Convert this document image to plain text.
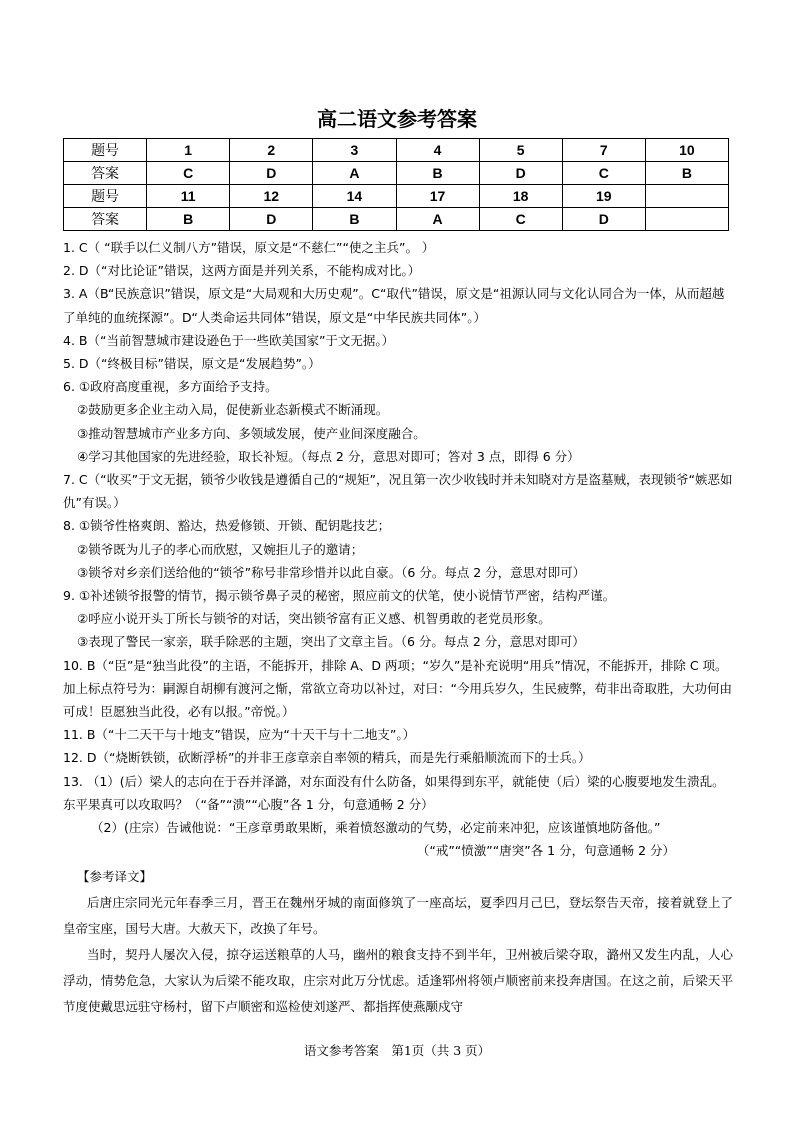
高二语文参考答案
题号	1	2	3	4	5	7	10
答案	C	D	A	B	D	C	B
题号	11	12	14	17	18	19	
答案	B	D	B	A	C	D	

1. C（ “联手以仁义制八方”错误，原文是“不慈仁”“使之主兵”。 ）

2. D（“对比论证”错误，这两方面是并列关系，不能构成对比。）

3. A（B“民族意识”错误，原文是“大局观和大历史观”。C“取代”错误，原文是“祖源认同与文化认同合为一体，从而超越了单纯的血统探源”。D“人类命运共同体”错误，原文是“中华民族共同体”。）

4. B（“当前智慧城市建设逊色于一些欧美国家”于文无据。）

5. D（“终极目标”错误，原文是“发展趋势”。）

6. ①政府高度重视，多方面给予支持。

②鼓励更多企业主动入局，促使新业态新模式不断涌现。

③推动智慧城市产业多方向、多领域发展，使产业间深度融合。

④学习其他国家的先进经验，取长补短。（每点 2 分，意思对即可；答对 3 点，即得 6 分）

7. C（“收买”于文无据，锁爷少收钱是遵循自己的“规矩”，况且第一次少收钱时并未知晓对方是盗墓贼，表现锁爷“嫉恶如仇”有误。）

8. ①锁爷性格爽朗、豁达，热爱修锁、开锁、配钥匙技艺；

②锁爷既为儿子的孝心而欣慰，又婉拒儿子的邀请；

③锁爷对乡亲们送给他的“锁爷”称号非常珍惜并以此自豪。（6 分。每点 2 分，意思对即可）

9. ①补述锁爷报警的情节，揭示锁爷鼻子灵的秘密，照应前文的伏笔，使小说情节严密，结构严谨。

②呼应小说开头丁所长与锁爷的对话，突出锁爷富有正义感、机智勇敢的老党员形象。

③表现了警民一家亲，联手除恶的主题，突出了文章主旨。（6 分。每点 2 分，意思对即可）

10. B（“臣”是“独当此役”的主语，不能拆开，排除 A、D 两项；“岁久”是补充说明“用兵”情况，不能拆开，排除 C 项。加上标点符号为：嗣源自胡柳有渡河之惭，常欲立奇功以补过，对曰：“今用兵岁久，生民疲弊，苟非出奇取胜，大功何由可成！臣愿独当此役，必有以报。”帝悦。）

11. B（“十二天干与十地支”错误，应为“十天干与十二地支”。）

12. D（“烧断铁锁，砍断浮桥”的并非王彦章亲自率领的精兵，而是先行乘船顺流而下的士兵。）

13. （1）(后）梁人的志向在于吞并泽潞，对东面没有什么防备，如果得到东平，就能使（后）梁的心腹要地发生溃乱。东平果真可以攻取吗？（“备”“溃”“心腹”各 1 分，句意通畅 2 分）

（2）(庄宗）告诫他说：“王彦章勇敢果断，乘着愤怒激动的气势，必定前来冲犯，应该谨慎地防备他。”

（“戒”“愤激”“唐突”各 1 分，句意通畅 2 分）

【参考译文】

后唐庄宗同光元年春季三月，晋王在魏州牙城的南面修筑了一座高坛，夏季四月己巳，登坛祭告天帝，接着就登上了皇帝宝座，国号大唐。大赦天下，改换了年号。

当时，契丹人屡次入侵，掠夺运送粮草的人马，幽州的粮食支持不到半年，卫州被后梁夺取，潞州又发生内乱，人心浮动，情势危急，大家认为后梁不能攻取，庄宗对此万分忧虑。适逢郓州将领卢顺密前来投奔唐国。在这之前，后梁天平节度使戴思远驻守杨村，留下卢顺密和巡检使刘遂严、都指挥使燕颙戍守

语文参考答案　第1页（共 3 页）
